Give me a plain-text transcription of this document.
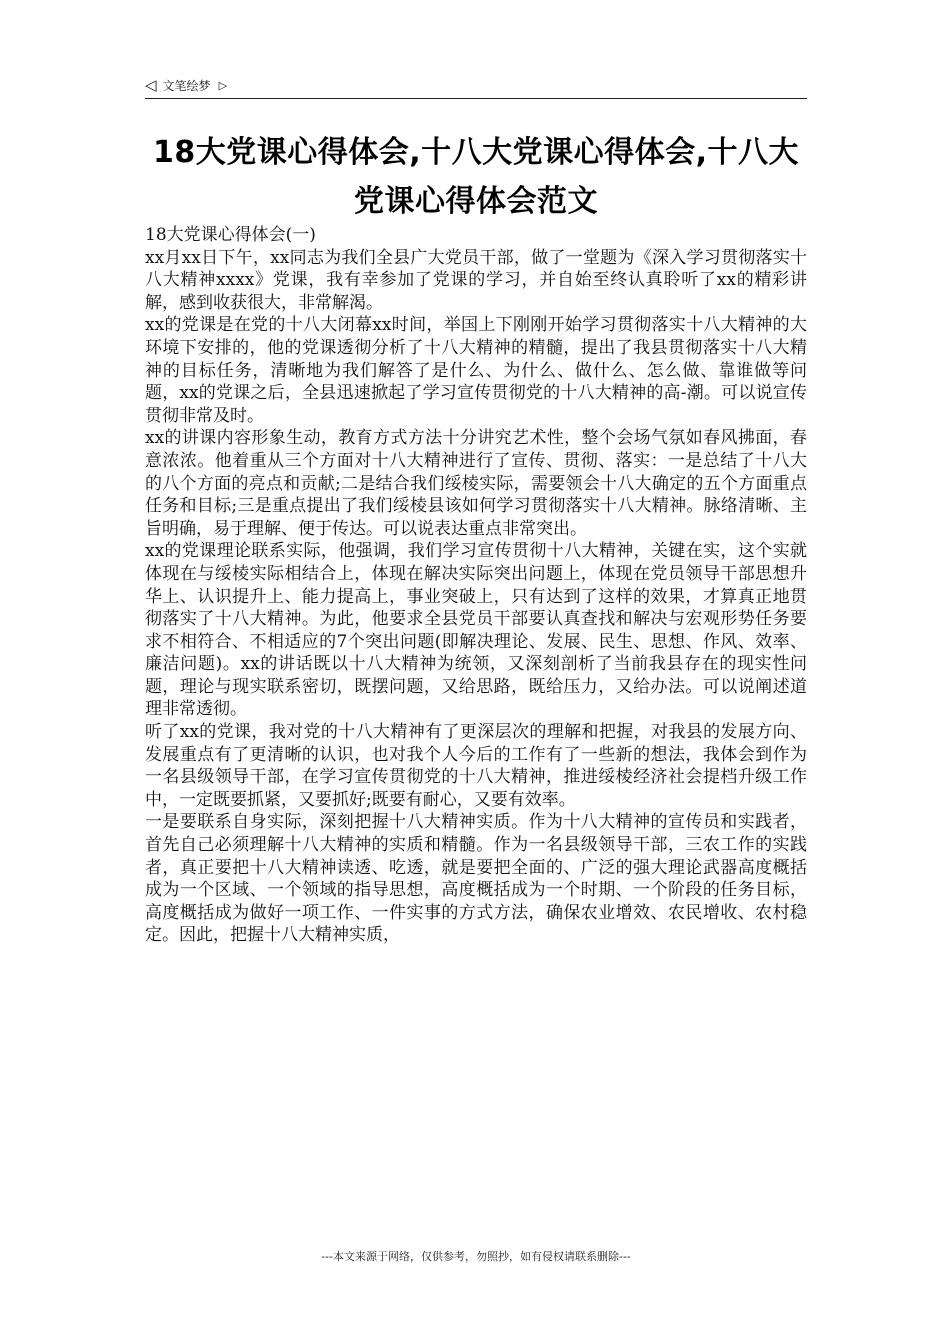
◁ 文笔绘梦 ▷
18大党课心得体会,十八大党课心得体会,十八大党课心得体会范文

18大党课心得体会(一)

xx月xx日下午，xx同志为我们全县广大党员干部，做了一堂题为《深入学习贯彻落实十八大精神xxxx》党课，我有幸参加了党课的学习，并自始至终认真聆听了xx的精彩讲解，感到收获很大，非常解渴。

xx的党课是在党的十八大闭幕xx时间，举国上下刚刚开始学习贯彻落实十八大精神的大环境下安排的，他的党课透彻分析了十八大精神的精髓，提出了我县贯彻落实十八大精神的目标任务，清晰地为我们解答了是什么、为什么、做什么、怎么做、靠谁做等问题，xx的党课之后，全县迅速掀起了学习宣传贯彻党的十八大精神的高-潮。可以说宣传贯彻非常及时。

xx的讲课内容形象生动，教育方式方法十分讲究艺术性，整个会场气氛如春风拂面，春意浓浓。他着重从三个方面对十八大精神进行了宣传、贯彻、落实：一是总结了十八大的八个方面的亮点和贡献;二是结合我们绥棱实际，需要领会十八大确定的五个方面重点任务和目标;三是重点提出了我们绥棱县该如何学习贯彻落实十八大精神。脉络清晰、主旨明确，易于理解、便于传达。可以说表达重点非常突出。

xx的党课理论联系实际，他强调，我们学习宣传贯彻十八大精神，关键在实，这个实就体现在与绥棱实际相结合上，体现在解决实际突出问题上，体现在党员领导干部思想升华上、认识提升上、能力提高上，事业突破上，只有达到了这样的效果，才算真正地贯彻落实了十八大精神。为此，他要求全县党员干部要认真查找和解决与宏观形势任务要求不相符合、不相适应的7个突出问题(即解决理论、发展、民生、思想、作风、效率、廉洁问题)。xx的讲话既以十八大精神为统领，又深刻剖析了当前我县存在的现实性问题，理论与现实联系密切，既摆问题，又给思路，既给压力，又给办法。可以说阐述道理非常透彻。

听了xx的党课，我对党的十八大精神有了更深层次的理解和把握，对我县的发展方向、发展重点有了更清晰的认识，也对我个人今后的工作有了一些新的想法，我体会到作为一名县级领导干部，在学习宣传贯彻党的十八大精神，推进绥棱经济社会提档升级工作中，一定既要抓紧，又要抓好;既要有耐心，又要有效率。

一是要联系自身实际，深刻把握十八大精神实质。作为十八大精神的宣传员和实践者，首先自己必须理解十八大精神的实质和精髓。作为一名县级领导干部，三农工作的实践者，真正要把十八大精神读透、吃透，就是要把全面的、广泛的强大理论武器高度概括成为一个区域、一个领域的指导思想，高度概括成为一个时期、一个阶段的任务目标，高度概括成为做好一项工作、一件实事的方式方法，确保农业增效、农民增收、农村稳定。因此，把握十八大精神实质，

---本文来源于网络，仅供参考，勿照抄，如有侵权请联系删除---
